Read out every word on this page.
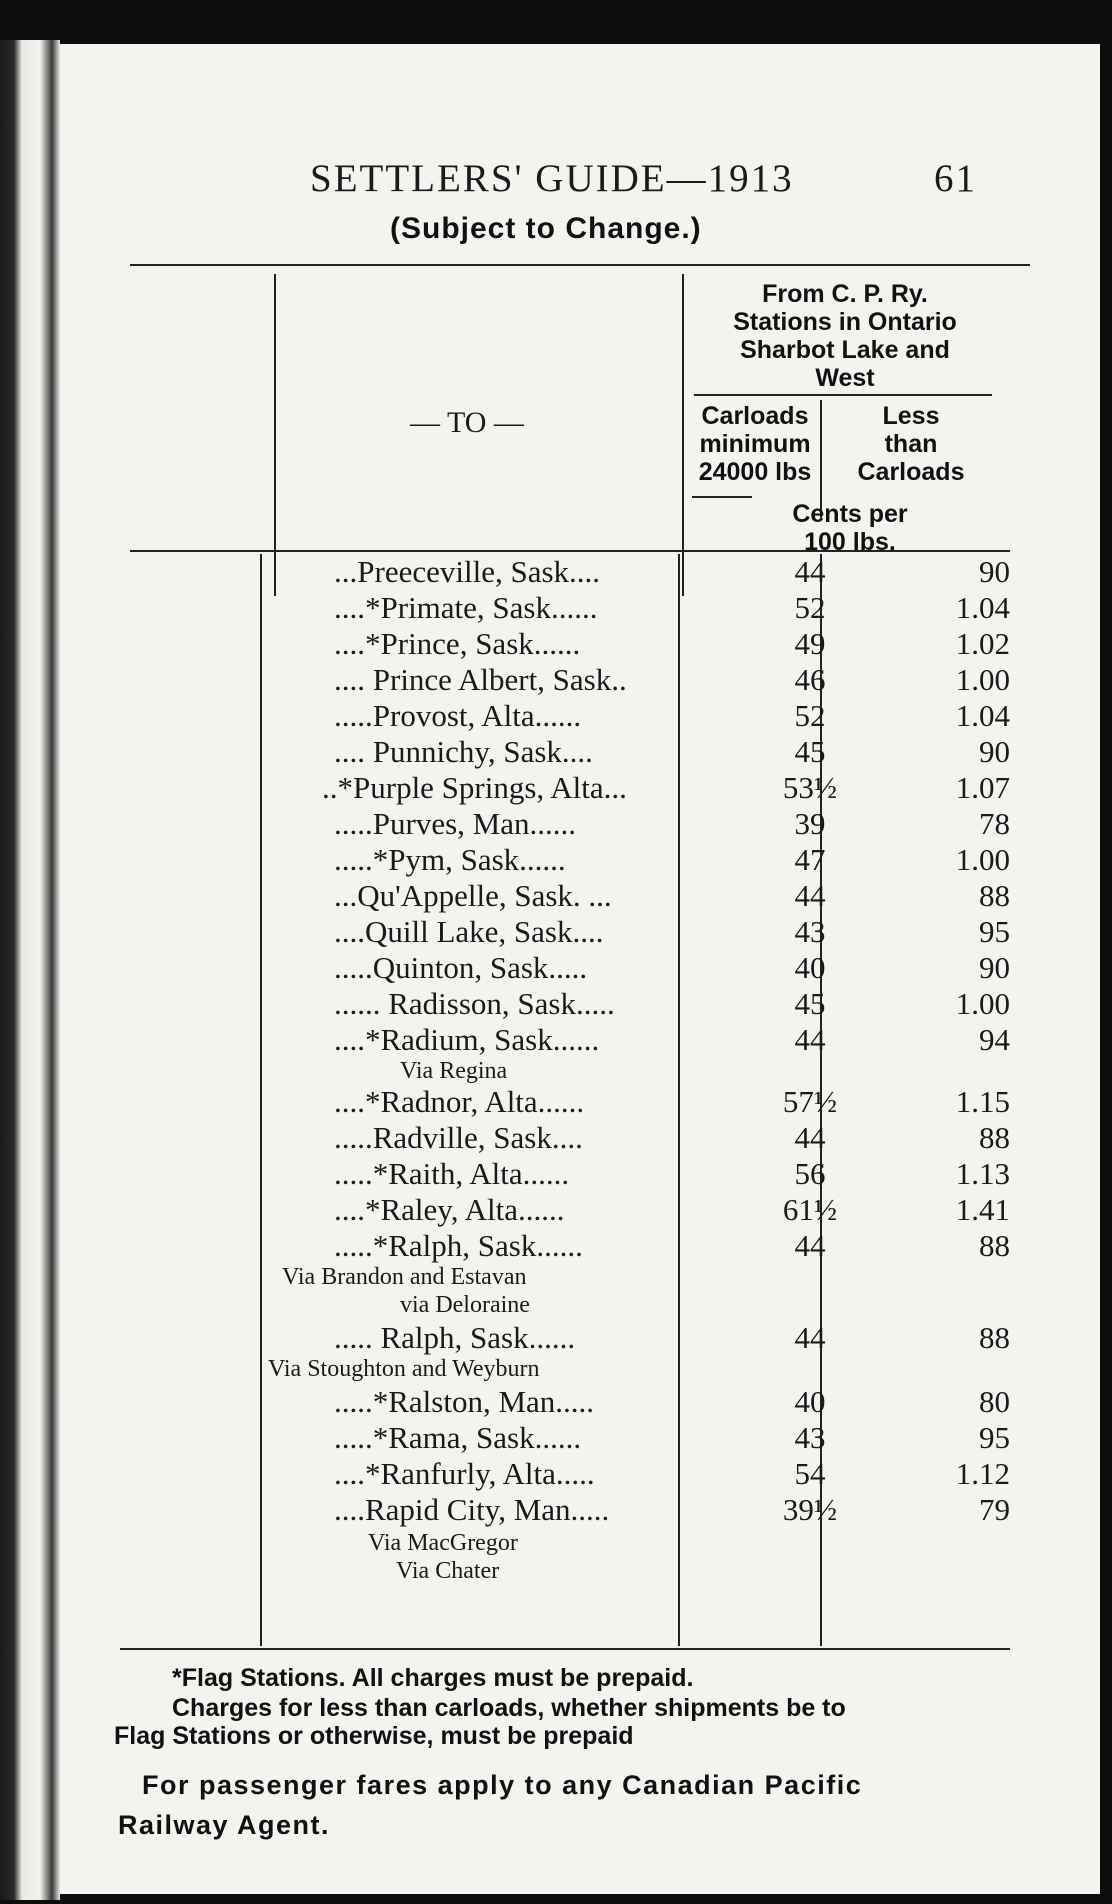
SETTLERS' GUIDE—1913	61
(Subject to Change.)
— TO —
From C. P. Ry.
Stations in Ontario
Sharbot Lake and
West
Carloads
minimum
24000 lbs
Less
than
Carloads
Cents per
100 lbs.
...Preeceville, Sask....	44	90
....*Primate, Sask......	52	1.04
....*Prince, Sask......	49	1.02
.... Prince Albert, Sask..	46	1.00
.....Provost, Alta......	52	1.04
.... Punnichy, Sask....	45	90
..*Purple Springs, Alta...	53½	1.07
.....Purves, Man......	39	78
.....*Pym, Sask......	47	1.00
...Qu'Appelle, Sask. ...	44	88
....Quill Lake, Sask....	43	95
.....Quinton, Sask.....	40	90
...... Radisson, Sask.....	45	1.00
....*Radium, Sask......	44	94
Via Regina
....*Radnor, Alta......	57½	1.15
.....Radville, Sask....	44	88
.....*Raith, Alta......	56	1.13
....*Raley, Alta......	61½	1.41
.....*Ralph, Sask......	44	88
Via Brandon and Estavan
via Deloraine
..... Ralph, Sask......	44	88
Via Stoughton and Weyburn
.....*Ralston, Man.....	40	80
.....*Rama, Sask......	43	95
....*Ranfurly, Alta.....	54	1.12
....Rapid City, Man.....	39½	79
Via MacGregor
Via Chater
*Flag Stations. All charges must be prepaid.
Charges for less than carloads, whether shipments be to
Flag Stations or otherwise, must be prepaid
For passenger fares apply to any Canadian Pacific
Railway Agent.
